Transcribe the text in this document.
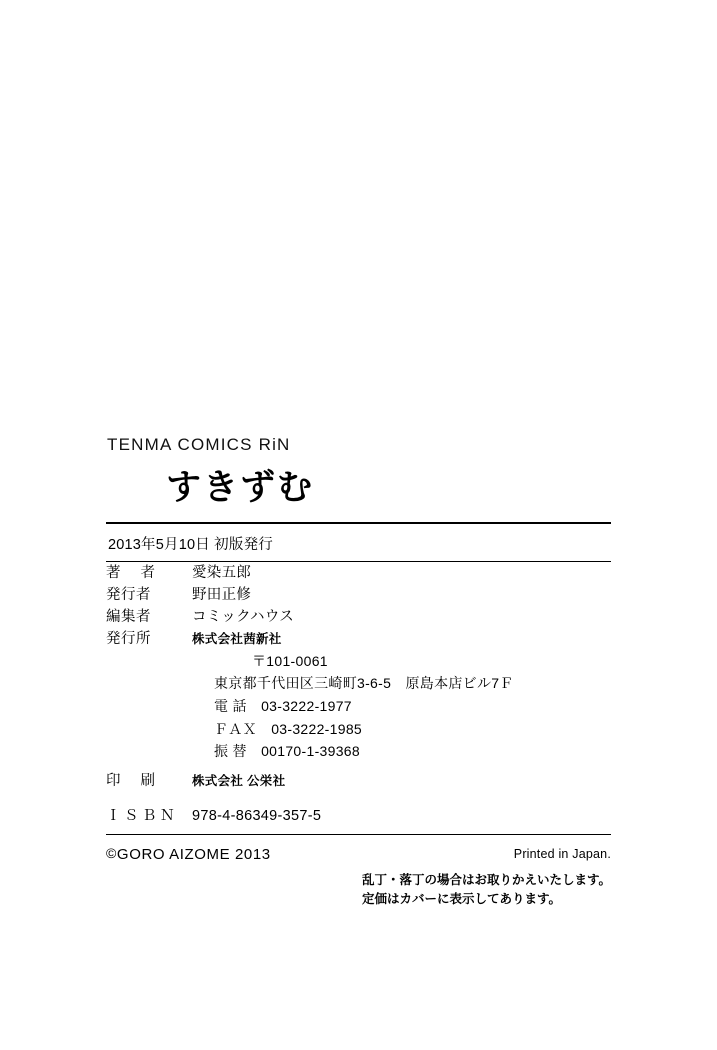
TENMA COMICS RiN
すきずむ
2013年5月10日 初版発行
著 者	愛染五郎
発行者	野田正修
編集者	コミックハウス
発行所	株式会社茜新社
〒101-0061
東京都千代田区三崎町3-6-5　原島本店ビル7Ｆ
電 話　03-3222-1977
ＦＡＸ　03-3222-1985
振 替　00170-1-39368
印 刷	株式会社 公栄社
ＩＳＢＮ 978-4-86349-357-5
©GORO AIZOME 2013	Printed in Japan.
乱丁・落丁の場合はお取りかえいたします。
定価はカバーに表示してあります。
